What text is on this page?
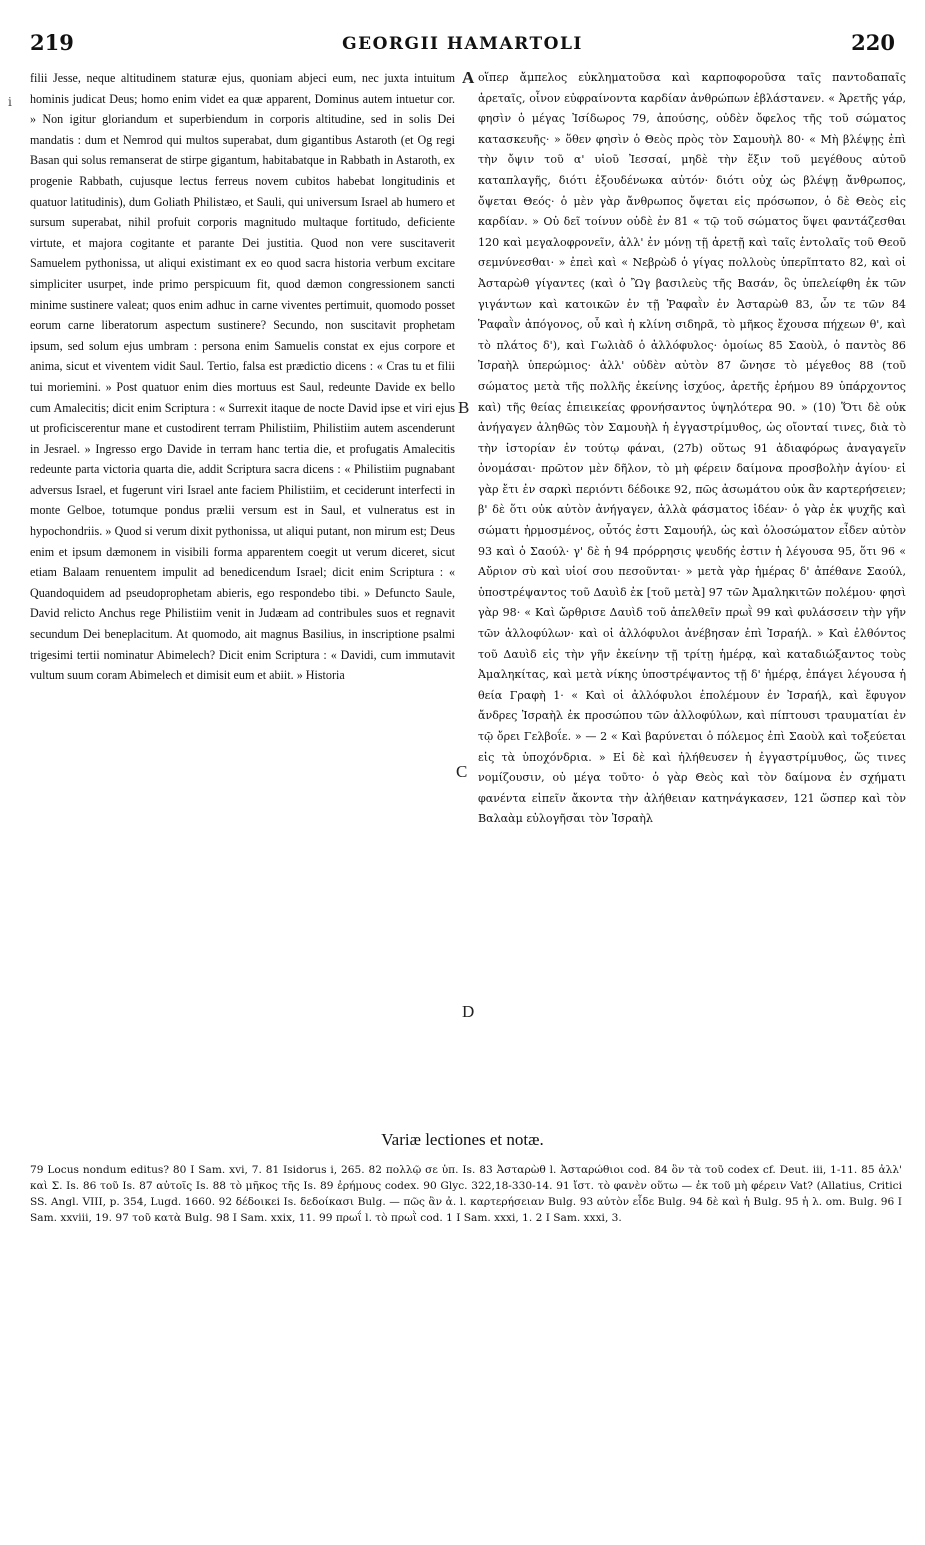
219	GEORGII HAMARTOLI	220
i

filii Jesse, neque altitudinem staturæ ejus, quoniam abjeci eum, nec juxta intuitum hominis judicat Deus; homo enim videt ea quæ apparent, Dominus autem intuetur cor. » Non igitur gloriandum et superbiendum in corporis altitudine, sed in solis Dei mandatis : dum et Nemrod qui multos superabat, dum gigantibus Astaroth (et Og regi Basan qui solus remanserat de stirpe gigantum, habitabatque in Rabbath in Astaroth, ex progenie Rabbath, cujusque lectus ferreus novem cubitos habebat longitudinis et quatuor latitudinis), dum Goliath Philistæo, et Sauli, qui universum Israel ab humero et sursum superabat, nihil profuit corporis magnitudo multaque fortitudo, deficiente virtute, et majora cogitante et parante Dei justitia. Quod non vere suscitaverit Samuelem pythonissa, ut aliqui existimant ex eo quod sacra historia verbum excitare simpliciter usurpet, inde primo perspicuum fit, quod dæmon congressionem sancti minime sustinere valeat; quos enim adhuc in carne viventes pertimuit, quomodo posset eorum carne liberatorum aspectum sustinere? Secundo, non suscitavit prophetam ipsum, sed solum ejus umbram : persona enim Samuelis constat ex ejus corpore et anima, sicut et viventem vidit Saul. Tertio, falsa est prædictio dicens : « Cras tu et filii tui moriemini. » Post quatuor enim dies mortuus est Saul, redeunte Davide ex bello cum Amalecitis; dicit enim Scriptura : « Surrexit itaque de nocte David ipse et viri ejus ut proficiscerentur mane et custodirent terram Philistiim, Philistiim autem ascenderunt in Jesrael. » Ingresso ergo Davide in terram hanc tertia die, et profugatis Amalecitis redeunte parta victoria quarta die, addit Scriptura sacra dicens : « Philistiim pugnabant adversus Israel, et fugerunt viri Israel ante faciem Philistiim, et ceciderunt interfecti in monte Gelboe, totumque pondus prælii versum est in Saul, et vulneratus est in hypochondriis. » Quod si verum dixit pythonissa, ut aliqui putant, non mirum est; Deus enim et ipsum dæmonem in visibili forma apparentem coegit ut verum diceret, sicut etiam Balaam renuentem impulit ad benedicendum Israel; dicit enim Scriptura : « Quandoquidem ad pseudoprophetam abieris, ego respondebo tibi. » Defuncto Saule, David relicto Anchus rege Philistiim venit in Judæam ad contribules suos et regnavit secundum Dei beneplacitum. At quomodo, ait magnus Basilius, in inscriptione psalmi trigesimi tertii nominatur Abimelech? Dicit enim Scriptura : « Davidi, cum immutavit vultum suum coram Abimelech et dimisit eum et abiit. » Historia

A
B
C
D

οἵπερ ἄμπελος εὐκληματοῦσα καὶ καρποφοροῦσα ταῖς παντοδαπαῖς ἀρεταῖς, οἶνον εὐφραίνοντα καρδίαν ἀνθρώπων ἐβλάστανεν. « Ἀρετῆς γάρ, φησὶν ὁ μέγας Ἰσίδωρος 79, ἀπούσης, οὐδὲν ὄφελος τῆς τοῦ σώματος κατασκευῆς· » ὅθεν φησὶν ὁ Θεὸς πρὸς τὸν Σαμουὴλ 80· « Μὴ βλέψῃς ἐπὶ τὴν ὄψιν τοῦ α' υἱοῦ Ἰεσσαί, μηδὲ τὴν ἕξιν τοῦ μεγέθους αὐτοῦ καταπλαγῆς, διότι ἐξουδένωκα αὐτόν· διότι οὐχ ὡς βλέψῃ ἄνθρωπος, ὄψεται Θεός· ὁ μὲν γὰρ ἄνθρωπος ὄψεται εἰς πρόσωπον, ὁ δὲ Θεὸς εἰς καρδίαν. » Οὐ δεῖ τοίνυν οὐδὲ ἐν 81 « τῷ τοῦ σώματος ὕψει φαντάζεσθαι 120 καὶ μεγαλοφρονεῖν, ἀλλ' ἐν μόνῃ τῇ ἀρετῇ καὶ ταῖς ἐντολαῖς τοῦ Θεοῦ σεμνύνεσθαι· » ἐπεὶ καὶ « Νεβρὼδ ὁ γίγας πολλοὺς ὑπερῖπτατο 82, καὶ οἱ Ἀσταρὼθ γίγαντες (καὶ ὁ Ὢγ βασιλεὺς τῆς Βασάν, ὃς ὑπελείφθη ἐκ τῶν γιγάντων καὶ κατοικῶν ἐν τῇ Ῥαφαῒν ἐν Ἀσταρὼθ 83, ὧν τε τῶν 84 Ῥαφαῒν ἀπόγονος, οὗ καὶ ἡ κλίνη σιδηρᾶ, τὸ μῆκος ἔχουσα πήχεων θ', καὶ τὸ πλάτος δ'), καὶ Γωλιὰδ ὁ ἀλλόφυλος· ὁμοίως 85 Σαοὺλ, ὁ παντὸς 86 Ἰσραὴλ ὑπερώμιος· ἀλλ' οὐδὲν αὐτὸν 87 ὤνησε τὸ μέγεθος 88 (τοῦ σώματος μετὰ τῆς πολλῆς ἐκείνης ἰσχύος, ἀρετῆς ἐρήμου 89 ὑπάρχοντος καὶ) τῆς θείας ἐπιεικείας φρονήσαντος ὑψηλότερα 90. » (10) Ὅτι δὲ οὐκ ἀνήγαγεν ἀληθῶς τὸν Σαμουὴλ ἡ ἐγγαστρίμυθος, ὡς οἴονταί τινες, διὰ τὸ τὴν ἱστορίαν ἐν τούτῳ φάναι, (27b) οὕτως 91 ἀδιαφόρως ἀναγαγεῖν ὀνομάσαι· πρῶτον μὲν δῆλον, τὸ μὴ φέρειν δαίμονα προσβολὴν ἁγίου· εἰ γὰρ ἔτι ἐν σαρκὶ περιόντι δέδοικε 92, πῶς ἀσωμάτου οὐκ ἂν καρτερήσειεν; β' δὲ ὅτι οὐκ αὐτὸν ἀνήγαγεν, ἀλλὰ φάσματος ἰδέαν· ὁ γὰρ ἐκ ψυχῆς καὶ σώματι ἡρμοσμένος, οὗτός ἐστι Σαμουήλ, ὡς καὶ ὁλοσώματον εἶδεν αὐτὸν 93 καὶ ὁ Σαούλ· γ' δὲ ἡ 94 πρόρρησις ψευδής ἐστιν ἡ λέγουσα 95, ὅτι 96 « Αὔριον σὺ καὶ υἱοί σου πεσοῦνται· » μετὰ γὰρ ἡμέρας δ' ἀπέθανε Σαούλ, ὑποστρέψαντος τοῦ Δαυὶδ ἐκ [τοῦ μετὰ] 97 τῶν Ἀμαληκιτῶν πολέμου· φησὶ γὰρ 98· « Καὶ ὤρθρισε Δαυὶδ τοῦ ἀπελθεῖν πρωῒ 99 καὶ φυλάσσειν τὴν γῆν τῶν ἀλλοφύλων· καὶ οἱ ἀλλόφυλοι ἀνέβησαν ἐπὶ Ἰσραήλ. » Καὶ ἐλθόντος τοῦ Δαυὶδ εἰς τὴν γῆν ἐκείνην τῇ τρίτῃ ἡμέρᾳ, καὶ καταδιώξαντος τοὺς Ἀμαληκίτας, καὶ μετὰ νίκης ὑποστρέψαντος τῇ δ' ἡμέρᾳ, ἐπάγει λέγουσα ἡ θεία Γραφὴ 1· « Καὶ οἱ ἀλλόφυλοι ἐπολέμουν ἐν Ἰσραήλ, καὶ ἔφυγον ἄνδρες Ἰσραὴλ ἐκ προσώπου τῶν ἀλλοφύλων, καὶ πίπτουσι τραυματίαι ἐν τῷ ὄρει Γελβοΐε. » — 2 « Καὶ βαρύνεται ὁ πόλεμος ἐπὶ Σαοὺλ καὶ τοξεύεται εἰς τὰ ὑποχόνδρια. » Εἰ δὲ καὶ ἠλήθευσεν ἡ ἐγγαστρίμυθος, ὥς τινες νομίζουσιν, οὐ μέγα τοῦτο· ὁ γὰρ Θεὸς καὶ τὸν δαίμονα ἐν σχήματι φανέντα εἰπεῖν ἄκοντα τὴν ἀλήθειαν κατηνάγκασεν, 121 ὥσπερ καὶ τὸν Βαλαὰμ εὐλογῆσαι τὸν Ἰσραὴλ

Variæ lectiones et notæ.

79 Locus nondum editus? 80 I Sam. xvi, 7. 81 Isidorus i, 265. 82 πολλῷ σε ὑπ. Is. 83 Ἀσταρὼθ l. Ἀσταρώθιοι cod. 84 ὃν τὰ τοῦ codex cf. Deut. iii, 1-11. 85 ἀλλ' καὶ Σ. Is. 86 τοῦ Is. 87 αὐτοῖς Is. 88 τὸ μῆκος τῆς Is. 89 ἐρήμους codex. 90 Glyc. 322,18-330-14. 91 ἴστ. τὸ φανὲν οὕτω — ἐκ τοῦ μὴ φέρειν Vat? (Allatius, Critici SS. Angl. VIII, p. 354, Lugd. 1660. 92 δέδοικεi Is. δεδοίκασι Bulg. — πῶς ἂν ἀ. l. καρτερήσειαν Bulg. 93 αὐτὸν εἶδε Bulg. 94 δὲ καὶ ἡ Bulg. 95 ἡ λ. om. Bulg. 96 I Sam. xxviii, 19. 97 τοῦ κατὰ Bulg. 98 I Sam. xxix, 11. 99 πρωΐ l. τὸ πρωῒ cod. 1 I Sam. xxxi, 1. 2 I Sam. xxxi, 3.
